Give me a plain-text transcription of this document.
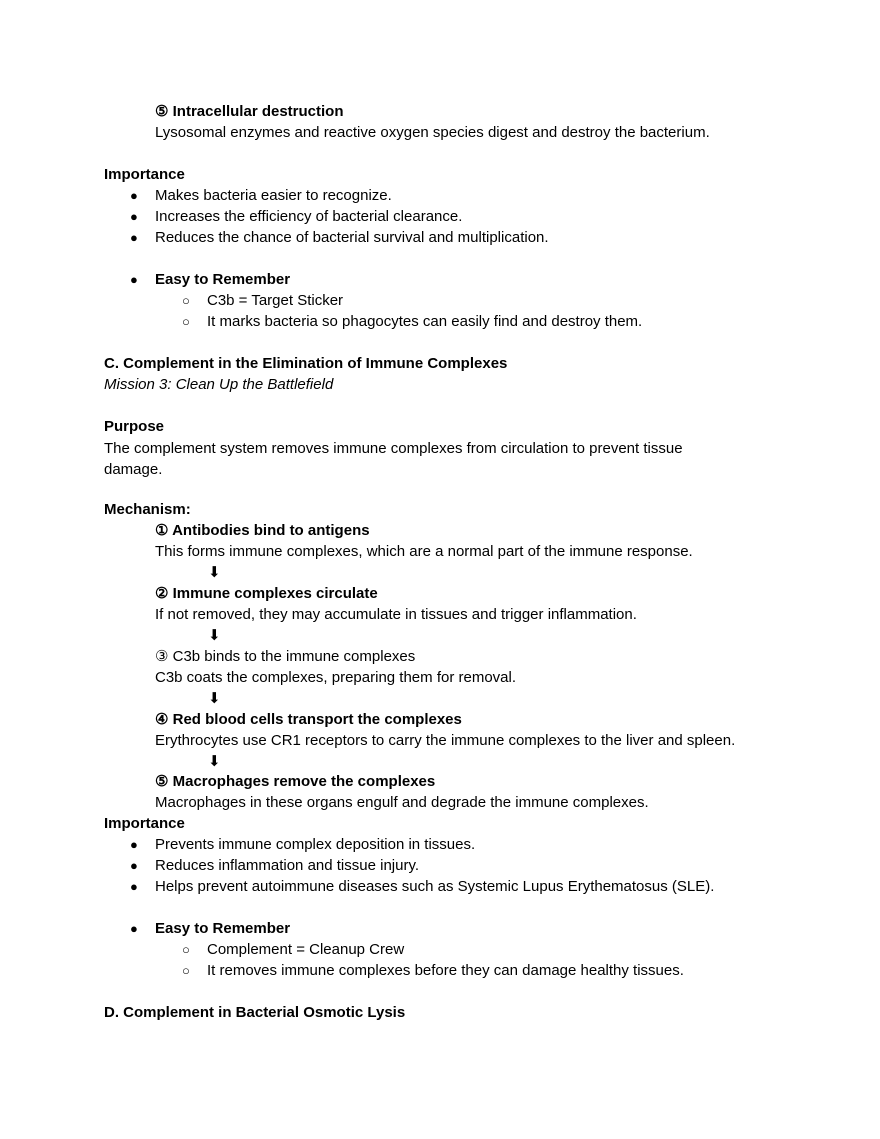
⑤ Intracellular destruction
Lysosomal enzymes and reactive oxygen species digest and destroy the bacterium.
Importance
● Makes bacteria easier to recognize.
● Increases the efficiency of bacterial clearance.
● Reduces the chance of bacterial survival and multiplication.
● Easy to Remember
○ C3b = Target Sticker
○ It marks bacteria so phagocytes can easily find and destroy them.
C. Complement in the Elimination of Immune Complexes
Mission 3: Clean Up the Battlefield
Purpose
The complement system removes immune complexes from circulation to prevent tissue damage.
Mechanism:
① Antibodies bind to antigens
This forms immune complexes, which are a normal part of the immune response.
⬇
② Immune complexes circulate
If not removed, they may accumulate in tissues and trigger inflammation.
⬇
③ C3b binds to the immune complexes
C3b coats the complexes, preparing them for removal.
⬇
④ Red blood cells transport the complexes
Erythrocytes use CR1 receptors to carry the immune complexes to the liver and spleen.
⬇
⑤ Macrophages remove the complexes
Macrophages in these organs engulf and degrade the immune complexes.
Importance
● Prevents immune complex deposition in tissues.
● Reduces inflammation and tissue injury.
● Helps prevent autoimmune diseases such as Systemic Lupus Erythematosus (SLE).
● Easy to Remember
○ Complement = Cleanup Crew
○ It removes immune complexes before they can damage healthy tissues.
D. Complement in Bacterial Osmotic Lysis
